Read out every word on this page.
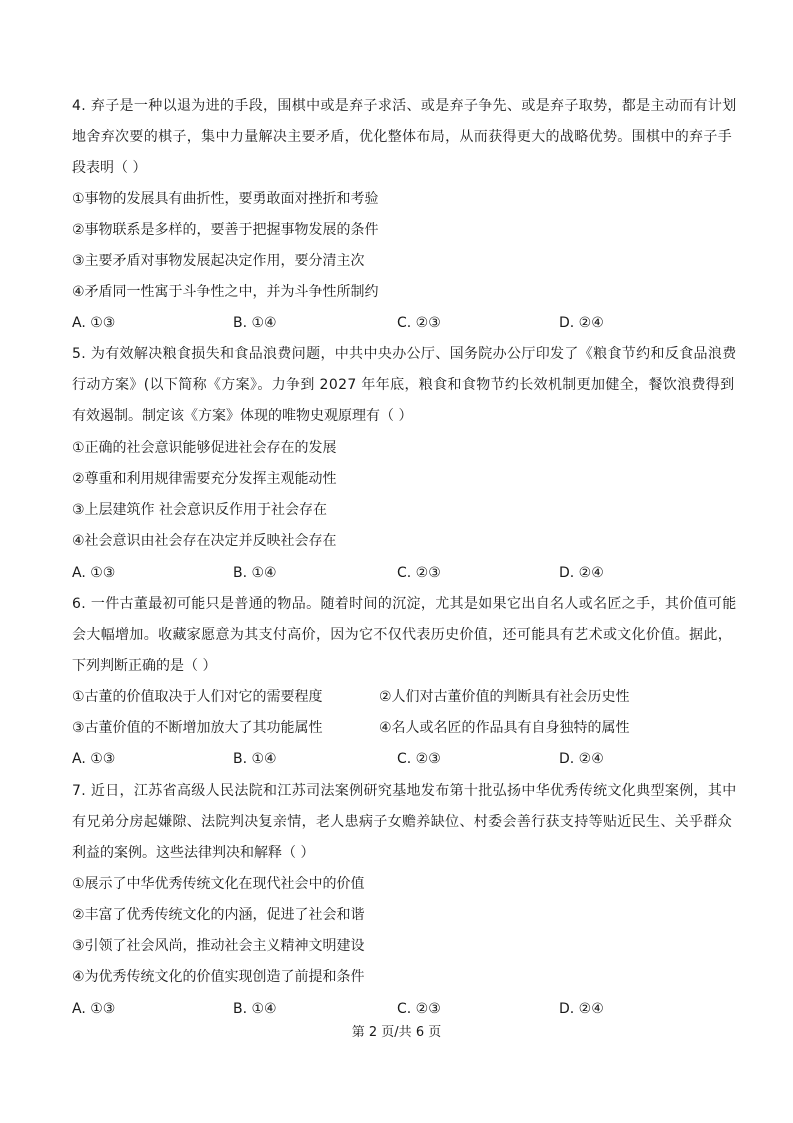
4. 弃子是一种以退为进的手段，围棋中或是弃子求活、或是弃子争先、或是弃子取势，都是主动而有计划
地舍弃次要的棋子，集中力量解决主要矛盾，优化整体布局，从而获得更大的战略优势。围棋中的弃子手
段表明（ ）
①事物的发展具有曲折性，要勇敢面对挫折和考验
②事物联系是多样的，要善于把握事物发展的条件
③主要矛盾对事物发展起决定作用，要分清主次
④矛盾同一性寓于斗争性之中，并为斗争性所制约
A. ①③	B. ①④	C. ②③	D. ②④
5. 为有效解决粮食损失和食品浪费问题，中共中央办公厅、国务院办公厅印发了《粮食节约和反食品浪费
行动方案》(以下简称《方案》。力争到 2027 年年底，粮食和食物节约长效机制更加健全，餐饮浪费得到
有效遏制。制定该《方案》体现的唯物史观原理有（ ）
①正确的社会意识能够促进社会存在的发展
②尊重和利用规律需要充分发挥主观能动性
③上层建筑作 社会意识反作用于社会存在
④社会意识由社会存在决定并反映社会存在
A. ①③	B. ①④	C. ②③	D. ②④
6. 一件古董最初可能只是普通的物品。随着时间的沉淀，尤其是如果它出自名人或名匠之手，其价值可能
会大幅增加。收藏家愿意为其支付高价，因为它不仅代表历史价值，还可能具有艺术或文化价值。据此，
下列判断正确的是（ ）
①古董的价值取决于人们对它的需要程度	②人们对古董价值的判断具有社会历史性
③古董价值的不断增加放大了其功能属性	④名人或名匠的作品具有自身独特的属性
A. ①③	B. ①④	C. ②③	D. ②④
7. 近日，江苏省高级人民法院和江苏司法案例研究基地发布第十批弘扬中华优秀传统文化典型案例，其中
有兄弟分房起嫌隙、法院判决复亲情，老人患病子女赡养缺位、村委会善行获支持等贴近民生、关乎群众
利益的案例。这些法律判决和解释（ ）
①展示了中华优秀传统文化在现代社会中的价值
②丰富了优秀传统文化的内涵，促进了社会和谐
③引领了社会风尚，推动社会主义精神文明建设
④为优秀传统文化的价值实现创造了前提和条件
A. ①③	B. ①④	C. ②③	D. ②④
第 2 页/共 6 页
